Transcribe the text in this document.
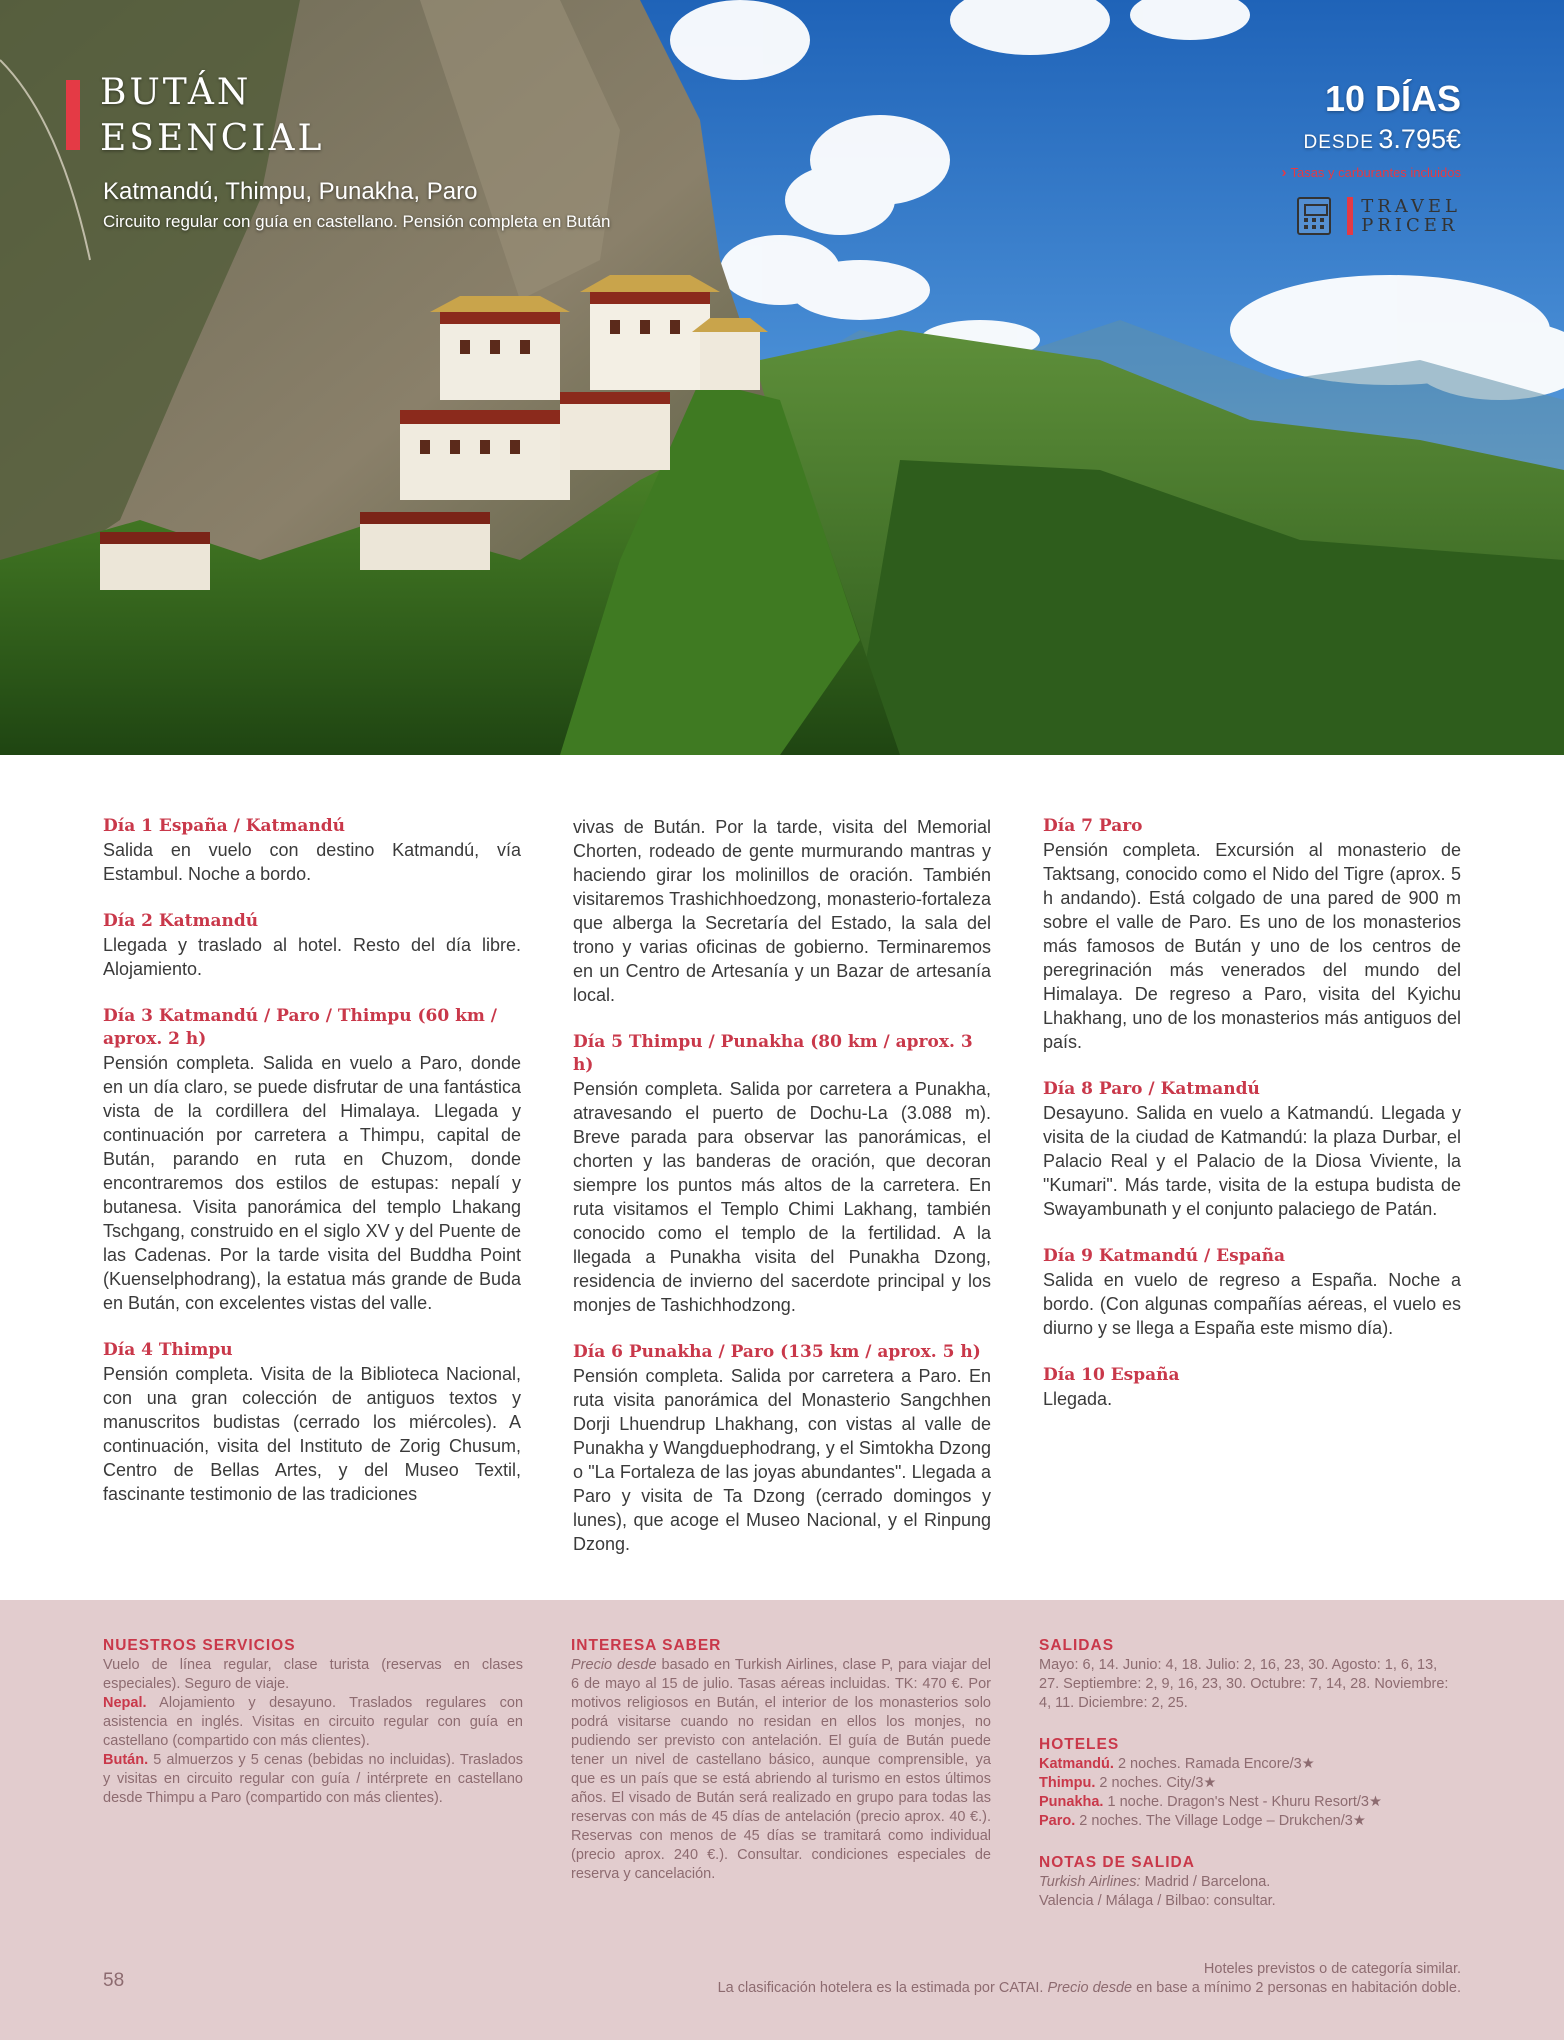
BUTÁN
ESENCIAL
Katmandú, Thimpu, Punakha, Paro
Circuito regular con guía en castellano. Pensión completa en Bután
10 DÍAS
DESDE 3.795€
› Tasas y carburantes incluidos
TRAVEL
PRICER
Día 1 España / Katmandú

Salida en vuelo con destino Katmandú, vía Estambul. Noche a bordo.

Día 2 Katmandú

Llegada y traslado al hotel. Resto del día libre. Alojamiento.

Día 3 Katmandú / Paro / Thimpu (60 km / aprox. 2 h)

Pensión completa. Salida en vuelo a Paro, donde en un día claro, se puede disfrutar de una fantástica vista de la cordillera del Himalaya. Llegada y continuación por carretera a Thimpu, capital de Bután, parando en ruta en Chuzom, donde encontraremos dos estilos de estupas: nepalí y butanesa. Visita panorámica del templo Lhakang Tschgang, construido en el siglo XV y del Puente de las Cadenas. Por la tarde visita del Buddha Point (Kuenselphodrang), la estatua más grande de Buda en Bután, con excelentes vistas del valle.

Día 4 Thimpu

Pensión completa. Visita de la Biblioteca Nacional, con una gran colección de antiguos textos y manuscritos budistas (cerrado los miércoles). A continuación, visita del Instituto de Zorig Chusum, Centro de Bellas Artes, y del Museo Textil, fascinante testimonio de las tradiciones

vivas de Bután. Por la tarde, visita del Memorial Chorten, rodeado de gente murmurando mantras y haciendo girar los molinillos de oración. También visitaremos Trashichhoedzong, monasterio-fortaleza que alberga la Secretaría del Estado, la sala del trono y varias oficinas de gobierno. Terminaremos en un Centro de Artesanía y un Bazar de artesanía local.

Día 5 Thimpu / Punakha (80 km / aprox. 3 h)

Pensión completa. Salida por carretera a Punakha, atravesando el puerto de Dochu-La (3.088 m). Breve parada para observar las panorámicas, el chorten y las banderas de oración, que decoran siempre los puntos más altos de la carretera. En ruta visitamos el Templo Chimi Lakhang, también conocido como el templo de la fertilidad. A la llegada a Punakha visita del Punakha Dzong, residencia de invierno del sacerdote principal y los monjes de Tashichhodzong.

Día 6 Punakha / Paro (135 km / aprox. 5 h)

Pensión completa. Salida por carretera a Paro. En ruta visita panorámica del Monasterio Sangchhen Dorji Lhuendrup Lhakhang, con vistas al valle de Punakha y Wangduephodrang, y el Simtokha Dzong o "La Fortaleza de las joyas abundantes". Llegada a Paro y visita de Ta Dzong (cerrado domingos y lunes), que acoge el Museo Nacional, y el Rinpung Dzong.

Día 7 Paro

Pensión completa. Excursión al monasterio de Taktsang, conocido como el Nido del Tigre (aprox. 5 h andando). Está colgado de una pared de 900 m sobre el valle de Paro. Es uno de los monasterios más famosos de Bután y uno de los centros de peregrinación más venerados del mundo del Himalaya. De regreso a Paro, visita del Kyichu Lhakhang, uno de los monasterios más antiguos del país.

Día 8 Paro / Katmandú

Desayuno. Salida en vuelo a Katmandú. Llegada y visita de la ciudad de Katmandú: la plaza Durbar, el Palacio Real y el Palacio de la Diosa Viviente, la "Kumari". Más tarde, visita de la estupa budista de Swayambunath y el conjunto palaciego de Patán.

Día 9 Katmandú / España

Salida en vuelo de regreso a España. Noche a bordo. (Con algunas compañías aéreas, el vuelo es diurno y se llega a España este mismo día).

Día 10 España

Llegada.

NUESTROS SERVICIOS
Vuelo de línea regular, clase turista (reservas en clases especiales). Seguro de viaje.
Nepal. Alojamiento y desayuno. Traslados regulares con asistencia en inglés. Visitas en circuito regular con guía en castellano (compartido con más clientes).
Bután. 5 almuerzos y 5 cenas (bebidas no incluidas). Traslados y visitas en circuito regular con guía / intérprete en castellano desde Thimpu a Paro (compartido con más clientes).
INTERESA SABER
Precio desde basado en Turkish Airlines, clase P, para viajar del 6 de mayo al 15 de julio. Tasas aéreas incluidas. TK: 470 €. Por motivos religiosos en Bután, el interior de los monasterios solo podrá visitarse cuando no residan en ellos los monjes, no pudiendo ser previsto con antelación. El guía de Bután puede tener un nivel de castellano básico, aunque comprensible, ya que es un país que se está abriendo al turismo en estos últimos años. El visado de Bután será realizado en grupo para todas las reservas con más de 45 días de antelación (precio aprox. 40 €.). Reservas con menos de 45 días se tramitará como individual (precio aprox. 240 €.). Consultar. condiciones especiales de reserva y cancelación.
SALIDAS
Mayo: 6, 14. Junio: 4, 18. Julio: 2, 16, 23, 30. Agosto: 1, 6, 13, 27. Septiembre: 2, 9, 16, 23, 30. Octubre: 7, 14, 28. Noviembre: 4, 11. Diciembre: 2, 25.
HOTELES
Katmandú. 2 noches. Ramada Encore/3★
Thimpu. 2 noches. City/3★
Punakha. 1 noche. Dragon's Nest - Khuru Resort/3★
Paro. 2 noches. The Village Lodge – Drukchen/3★
NOTAS DE SALIDA
Turkish Airlines: Madrid / Barcelona.
Valencia / Málaga / Bilbao: consultar.
58
Hoteles previstos o de categoría similar.
La clasificación hotelera es la estimada por CATAI. Precio desde en base a mínimo 2 personas en habitación doble.
